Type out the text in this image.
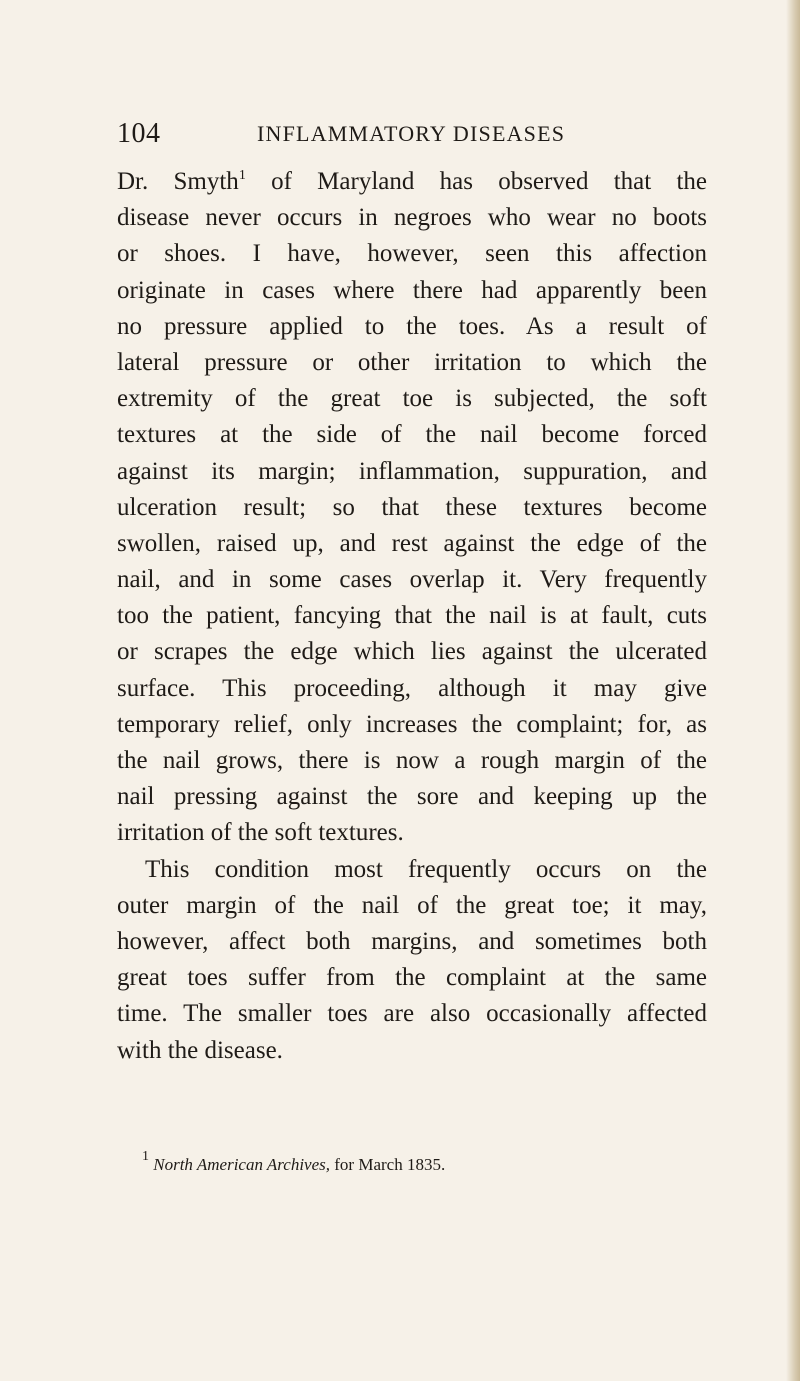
104	INFLAMMATORY DISEASES
Dr. Smyth$^1$ of Maryland has observed that the
disease never occurs in negroes who wear no boots
or shoes. I have, however, seen this affection
originate in cases where there had apparently been
no pressure applied to the toes. As a result of
lateral pressure or other irritation to which the
extremity of the great toe is subjected, the soft
textures at the side of the nail become forced
against its margin; inflammation, suppuration, and
ulceration result; so that these textures become
swollen, raised up, and rest against the edge of the
nail, and in some cases overlap it. Very frequently
too the patient, fancying that the nail is at fault, cuts
or scrapes the edge which lies against the ulcerated
surface. This proceeding, although it may give
temporary relief, only increases the complaint; for, as
the nail grows, there is now a rough margin of the
nail pressing against the sore and keeping up the
irritation of the soft textures.
This condition most frequently occurs on the
outer margin of the nail of the great toe; it may,
however, affect both margins, and sometimes both
great toes suffer from the complaint at the same
time. The smaller toes are also occasionally affected
with the disease.
$^1$ North American Archives, for March 1835.
